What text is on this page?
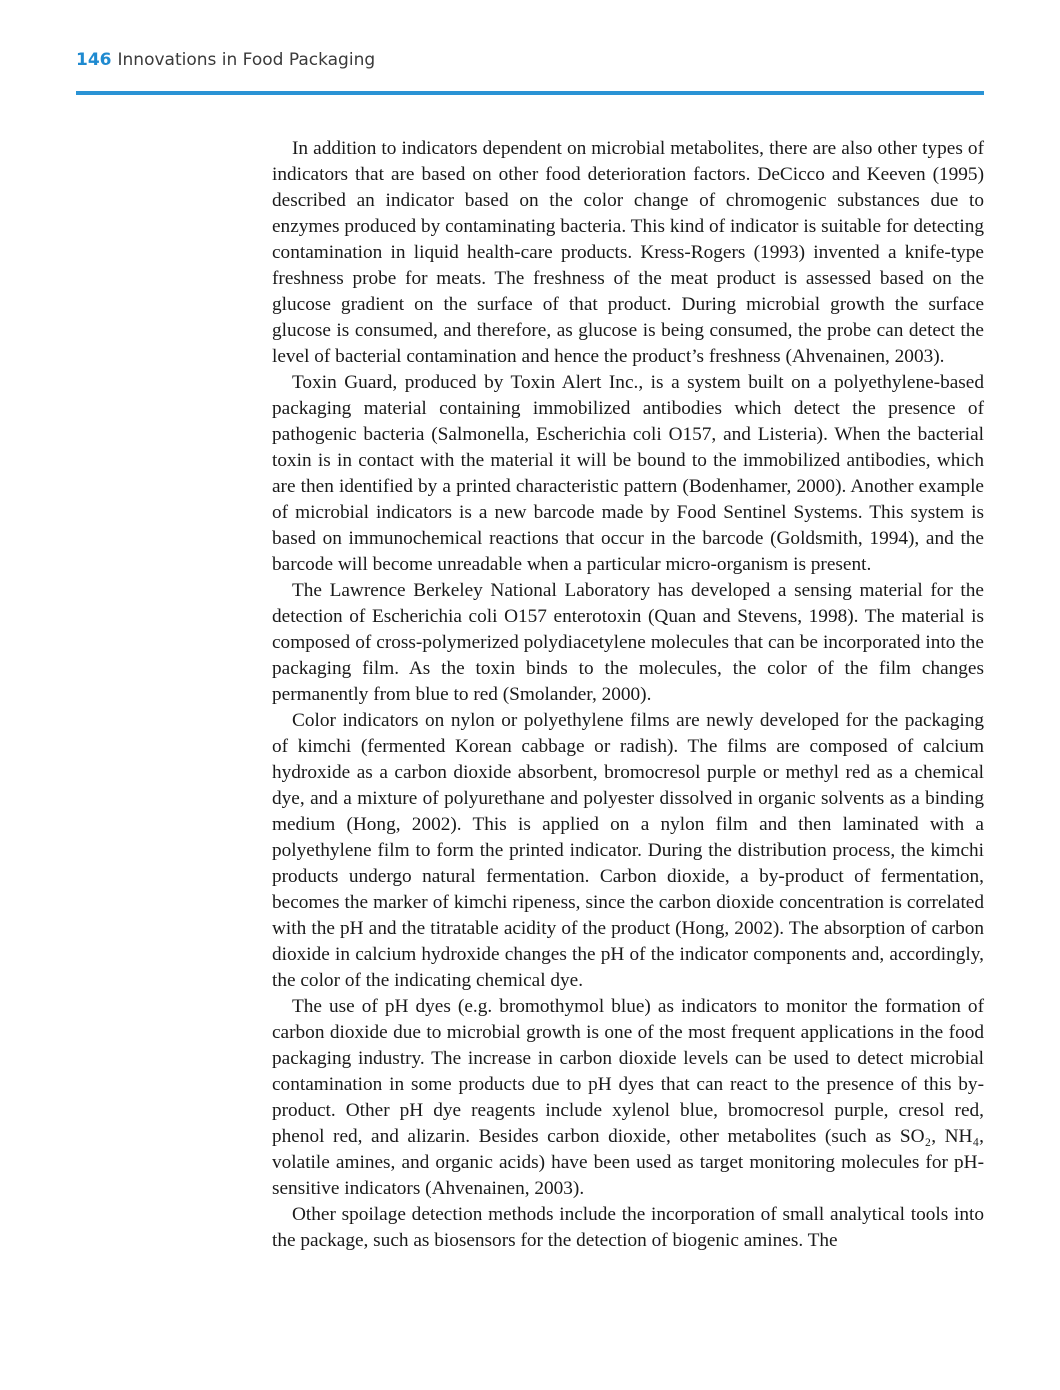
146 Innovations in Food Packaging

In addition to indicators dependent on microbial metabolites, there are also other types of indicators that are based on other food deterioration factors. DeCicco and Keeven (1995) described an indicator based on the color change of chromogenic substances due to enzymes produced by contaminating bacteria. This kind of indicator is suitable for detecting contamination in liquid health-care products. Kress-Rogers (1993) invented a knife-type freshness probe for meats. The freshness of the meat product is assessed based on the glucose gradient on the surface of that product. During microbial growth the surface glucose is consumed, and therefore, as glucose is being consumed, the probe can detect the level of bacterial contamination and hence the product’s freshness (Ahvenainen, 2003).

Toxin Guard, produced by Toxin Alert Inc., is a system built on a polyethylene-based packaging material containing immobilized antibodies which detect the presence of pathogenic bacteria (Salmonella, Escherichia coli O157, and Listeria). When the bacterial toxin is in contact with the material it will be bound to the immobilized antibodies, which are then identified by a printed characteristic pattern (Bodenhamer, 2000). Another example of microbial indicators is a new barcode made by Food Sentinel Systems. This system is based on immunochemical reactions that occur in the barcode (Goldsmith, 1994), and the barcode will become unreadable when a particular micro-organism is present.

The Lawrence Berkeley National Laboratory has developed a sensing material for the detection of Escherichia coli O157 enterotoxin (Quan and Stevens, 1998). The material is composed of cross-polymerized polydiacetylene molecules that can be incorporated into the packaging film. As the toxin binds to the molecules, the color of the film changes permanently from blue to red (Smolander, 2000).

Color indicators on nylon or polyethylene films are newly developed for the packaging of kimchi (fermented Korean cabbage or radish). The films are composed of calcium hydroxide as a carbon dioxide absorbent, bromocresol purple or methyl red as a chemical dye, and a mixture of polyurethane and polyester dissolved in organic solvents as a binding medium (Hong, 2002). This is applied on a nylon film and then laminated with a polyethylene film to form the printed indicator. During the distribution process, the kimchi products undergo natural fermentation. Carbon dioxide, a by-product of fermentation, becomes the marker of kimchi ripeness, since the carbon dioxide concentration is correlated with the pH and the titratable acidity of the product (Hong, 2002). The absorption of carbon dioxide in calcium hydroxide changes the pH of the indicator components and, accordingly, the color of the indicating chemical dye.

The use of pH dyes (e.g. bromothymol blue) as indicators to monitor the formation of carbon dioxide due to microbial growth is one of the most frequent applications in the food packaging industry. The increase in carbon dioxide levels can be used to detect microbial contamination in some products due to pH dyes that can react to the presence of this by-product. Other pH dye reagents include xylenol blue, bromocresol purple, cresol red, phenol red, and alizarin. Besides carbon dioxide, other metabolites (such as SO₂, NH₄, volatile amines, and organic acids) have been used as target monitoring molecules for pH-sensitive indicators (Ahvenainen, 2003).

Other spoilage detection methods include the incorporation of small analytical tools into the package, such as biosensors for the detection of biogenic amines. The
